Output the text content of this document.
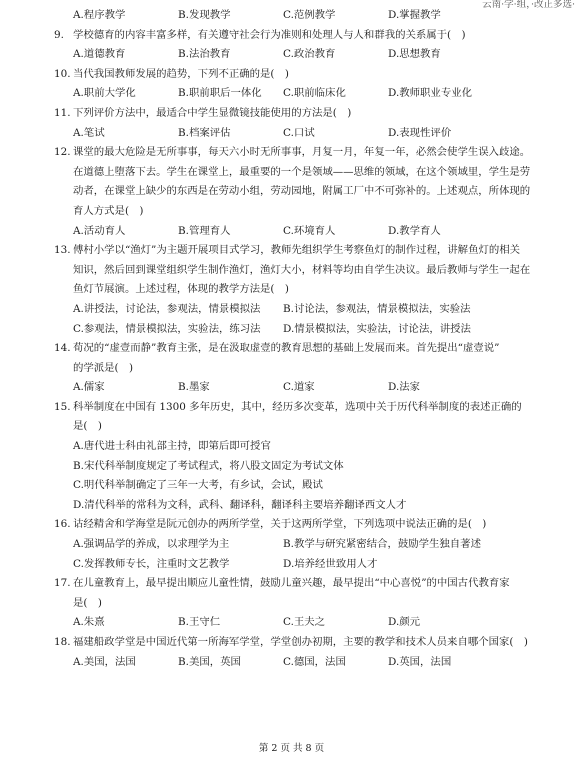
云南·学·组，·改正多选·
A.程序教学	B.发现教学	C.范例教学	D.掌握教学
9. 学校德育的内容丰富多样，有关遵守社会行为准则和处理人与人和群我的关系属于(　)
A.道德教育	B.法治教育	C.政治教育	D.思想教育
10. 当代我国教师发展的趋势，下列不正确的是(　)
A.职前大学化	B.职前职后一体化	C.职前临床化	D.教师职业专业化
11. 下列评价方法中，最适合中学生显微镜技能使用的方法是(　)
A.笔试	B.档案评估	C.口试	D.表现性评价
12. 课堂的最大危险是无所事事，每天六小时无所事事，月复一月，年复一年，必然会使学生误入歧途。
在道德上堕落下去。学生在课堂上，最重要的一个是领域——思维的领域，在这个领域里，学生是劳
动者，在课堂上缺少的东西是在劳动小组，劳动园地，附属工厂中不可弥补的。上述观点，所体现的
育人方式是(　)
A.活动育人	B.管理育人	C.环境育人	D.教学育人
13. 傅村小学以“渔灯”为主题开展项目式学习，教师先组织学生考察鱼灯的制作过程，讲解鱼灯的相关
知识，然后回到课堂组织学生制作渔灯，渔灯大小，材料等均由自学生决议。最后教师与学生一起在
鱼灯节展演。上述过程，体现的教学方法是(　)
A.讲授法，讨论法，参观法，情景模拟法	B.讨论法，参观法，情景模拟法，实验法
C.参观法，情景模拟法，实验法，练习法	D.情景模拟法，实验法，讨论法，讲授法
14. 荀况的“虚壹而静”教育主张，是在汲取虚壹的教育思想的基础上发展而来。首先提出“虚壹说”
的学派是(　)
A.儒家	B.墨家	C.道家	D.法家
15. 科举制度在中国有 1300 多年历史，其中，经历多次变革，选项中关于历代科举制度的表述正确的
是(　)
A.唐代进士科由礼部主持，即第后即可授官
B.宋代科举制度规定了考试程式，将八股文固定为考试文体
C.明代科举制确定了三年一大考，有乡试，会试，殿试
D.清代科举的常科为文科，武科、翻译科，翻译科主要培养翻译西文人才
16. 诂经精舍和学海堂是阮元创办的两所学堂，关于这两所学堂，下列选项中说法正确的是(　)
A.强调品学的养成，以求理学为主	B.教学与研究紧密结合，鼓励学生独自著述
C.发挥教师专长，注重时文艺教学	D.培养经世致用人才
17. 在儿童教育上，最早提出顺应儿童性情，鼓励儿童兴趣，最早提出“中心喜悦”的中国古代教育家
是(　)
A.朱熹	B.王守仁	C.王夫之	D.颜元
18. 福建船政学堂是中国近代第一所海军学堂，学堂创办初期，主要的教学和技术人员来自哪个国家(　)
A.美国，法国	B.美国，英国	C.德国，法国	D.英国，法国
第 2 页 共 8 页
